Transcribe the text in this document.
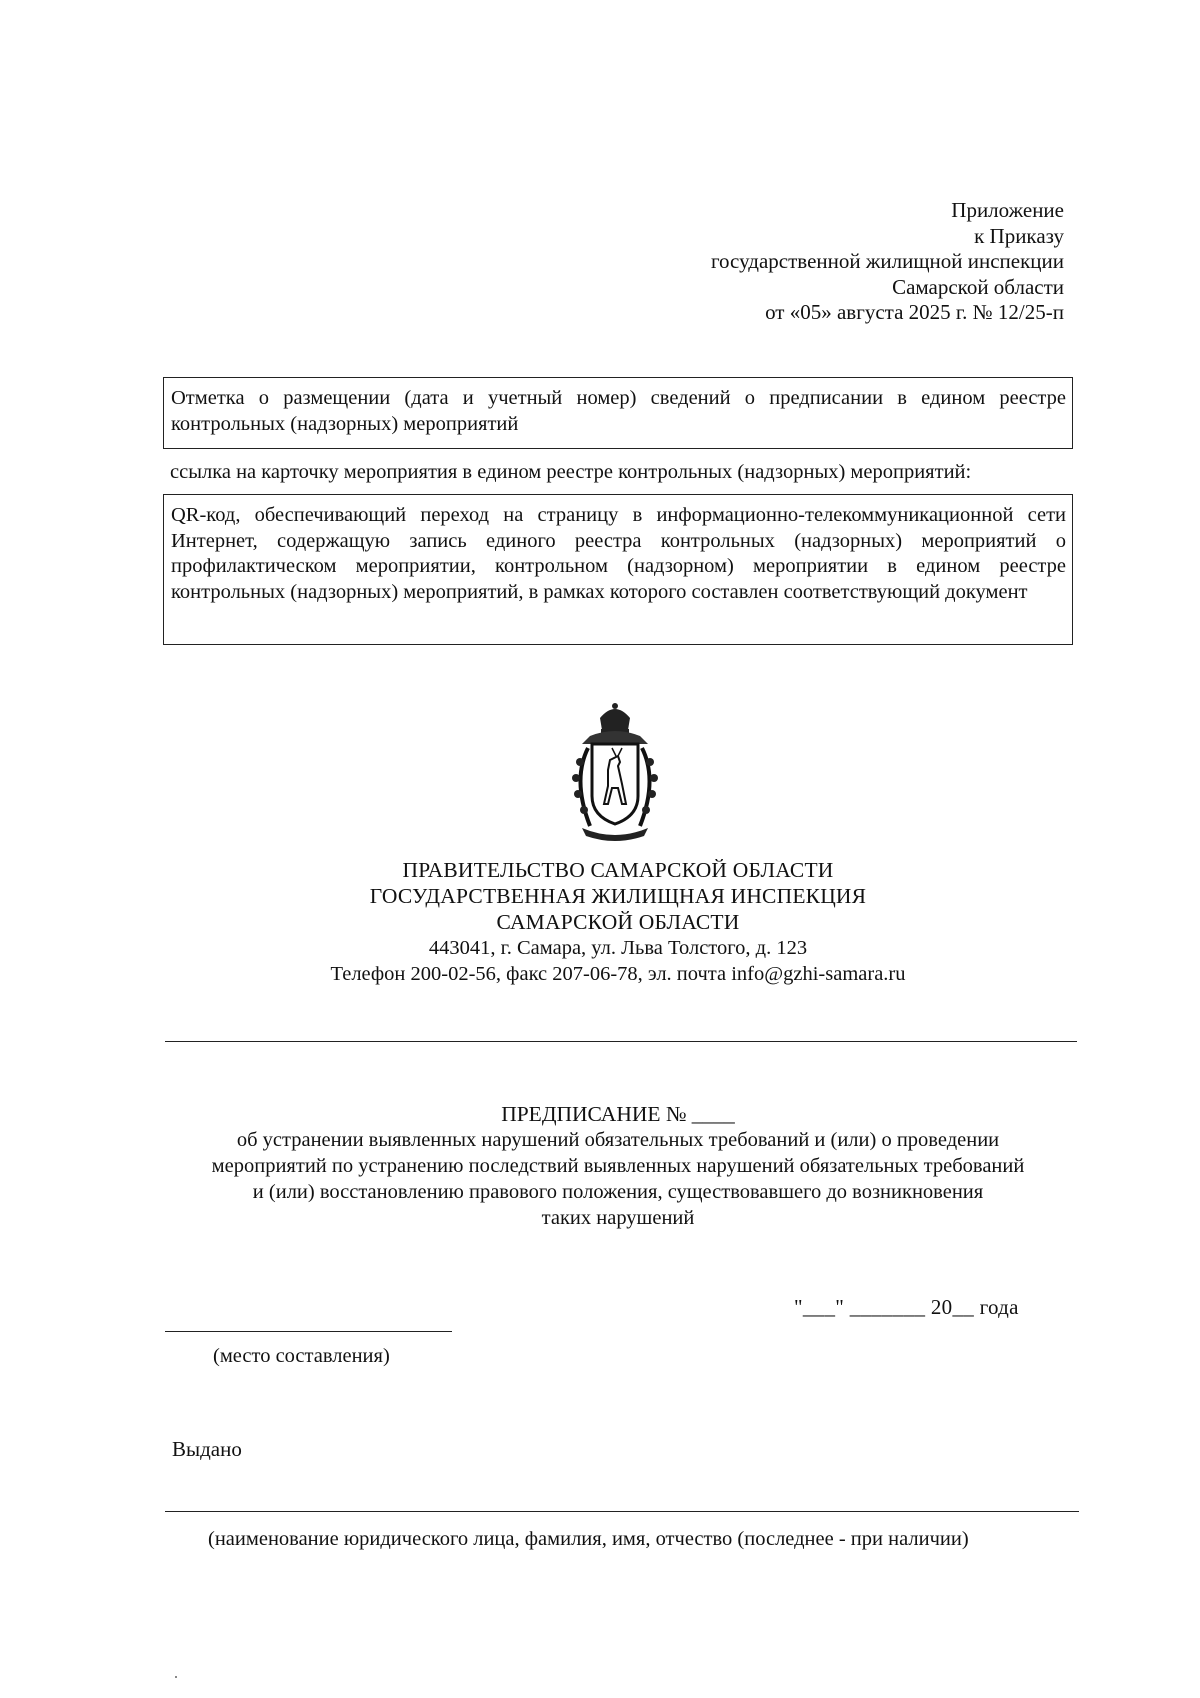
Приложение
к Приказу
государственной жилищной инспекции
Самарской области
от «05» августа 2025 г. № 12/25-п
Отметка о размещении (дата и учетный номер) сведений о предписании в едином реестре контрольных (надзорных) мероприятий
ссылка на карточку мероприятия в едином реестре контрольных (надзорных) мероприятий:
QR-код, обеспечивающий переход на страницу в информационно-телекоммуникационной сети Интернет, содержащую запись единого реестра контрольных (надзорных) мероприятий о профилактическом мероприятии, контрольном (надзорном) мероприятии в едином реестре контрольных (надзорных) мероприятий, в рамках которого составлен соответствующий документ
ПРАВИТЕЛЬСТВО САМАРСКОЙ ОБЛАСТИ
ГОСУДАРСТВЕННАЯ ЖИЛИЩНАЯ ИНСПЕКЦИЯ
САМАРСКОЙ ОБЛАСТИ
443041, г. Самара, ул. Льва Толстого, д. 123
Телефон 200-02-56, факс 207-06-78, эл. почта info@gzhi-samara.ru
ПРЕДПИСАНИЕ № ____
об устранении выявленных нарушений обязательных требований и (или) о проведении
мероприятий по устранению последствий выявленных нарушений обязательных требований
и (или) восстановлению правового положения, существовавшего до возникновения
таких нарушений
"___" _______ 20__ года
(место составления)
Выдано
(наименование юридического лица, фамилия, имя, отчество (последнее - при наличии)
